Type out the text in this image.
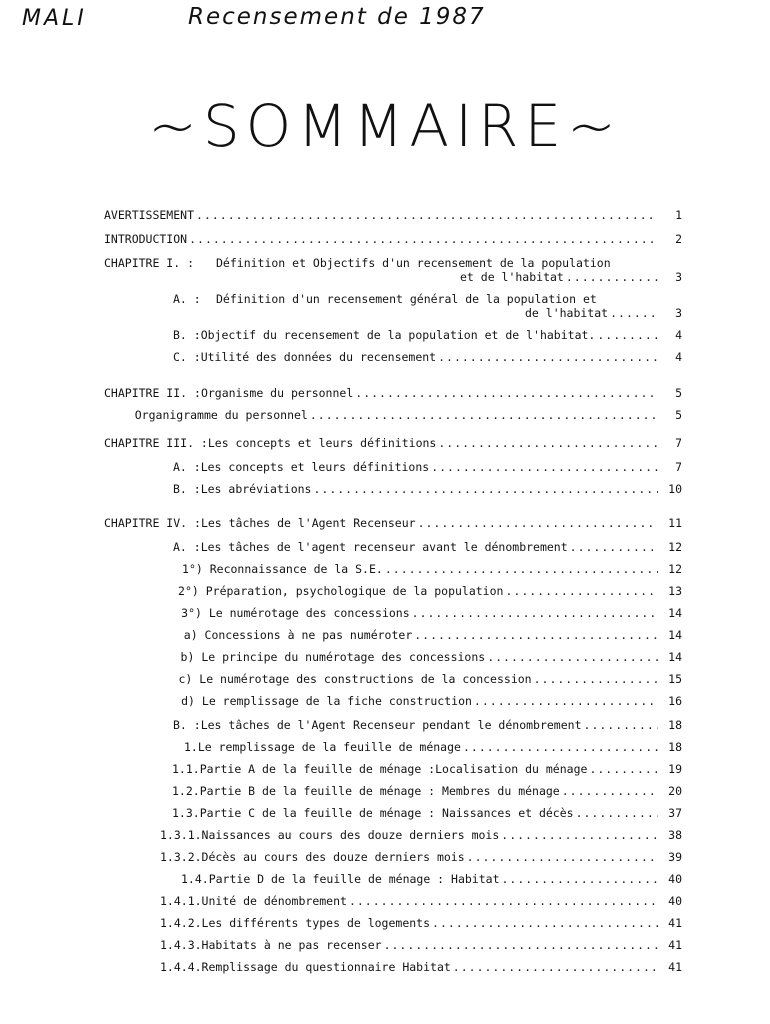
MALI	Recensement de 1987
~SOMMAIRE~
AVERTISSEMENT .....	1
INTRODUCTION .....	2
CHAPITRE I. :	Définition et Objectifs d'un recensement de la population
et de l'habitat .....	3
A. :	Définition d'un recensement général de la population et
de l'habitat .....	3
B. : Objectif du recensement de la population et de l'habitat. .....	4
C. : Utilité des données du recensement .....	4
CHAPITRE II. : Organisme du personnel .....	5
Organigramme du personnel .....	5
CHAPITRE III. : Les concepts et leurs définitions .....	7
A. : Les concepts et leurs définitions .....	7
B. : Les abréviations .....	10
CHAPITRE IV. : Les tâches de l'Agent Recenseur .....	11
A. : Les tâches de l'agent recenseur avant le dénombrement .....	12
1°) Reconnaissance de la S.E. .....	12
2°) Préparation, psychologique de la population .....	13
3°) Le numérotage des concessions .....	14
a) Concessions à ne pas numéroter .....	14
b) Le principe du numérotage des concessions .....	14
c) Le numérotage des constructions de la concession .....	15
d) Le remplissage de la fiche construction .....	16
B. : Les tâches de l'Agent Recenseur pendant le dénombrement .....	18
1. Le remplissage de la feuille de ménage .....	18
1.1. Partie A de la feuille de ménage :Localisation du ménage .....	19
1.2. Partie B de la feuille de ménage : Membres du ménage .....	20
1.3. Partie C de la feuille de ménage : Naissances et décès .....	37
1.3.1. Naissances au cours des douze derniers mois .....	38
1.3.2. Décès au cours des douze derniers mois .....	39
1.4. Partie D de la feuille de ménage : Habitat .....	40
1.4.1. Unité de dénombrement .....	40
1.4.2. Les différents types de logements .....	41
1.4.3. Habitats à ne pas recenser .....	41
1.4.4. Remplissage du questionnaire Habitat .....	41
